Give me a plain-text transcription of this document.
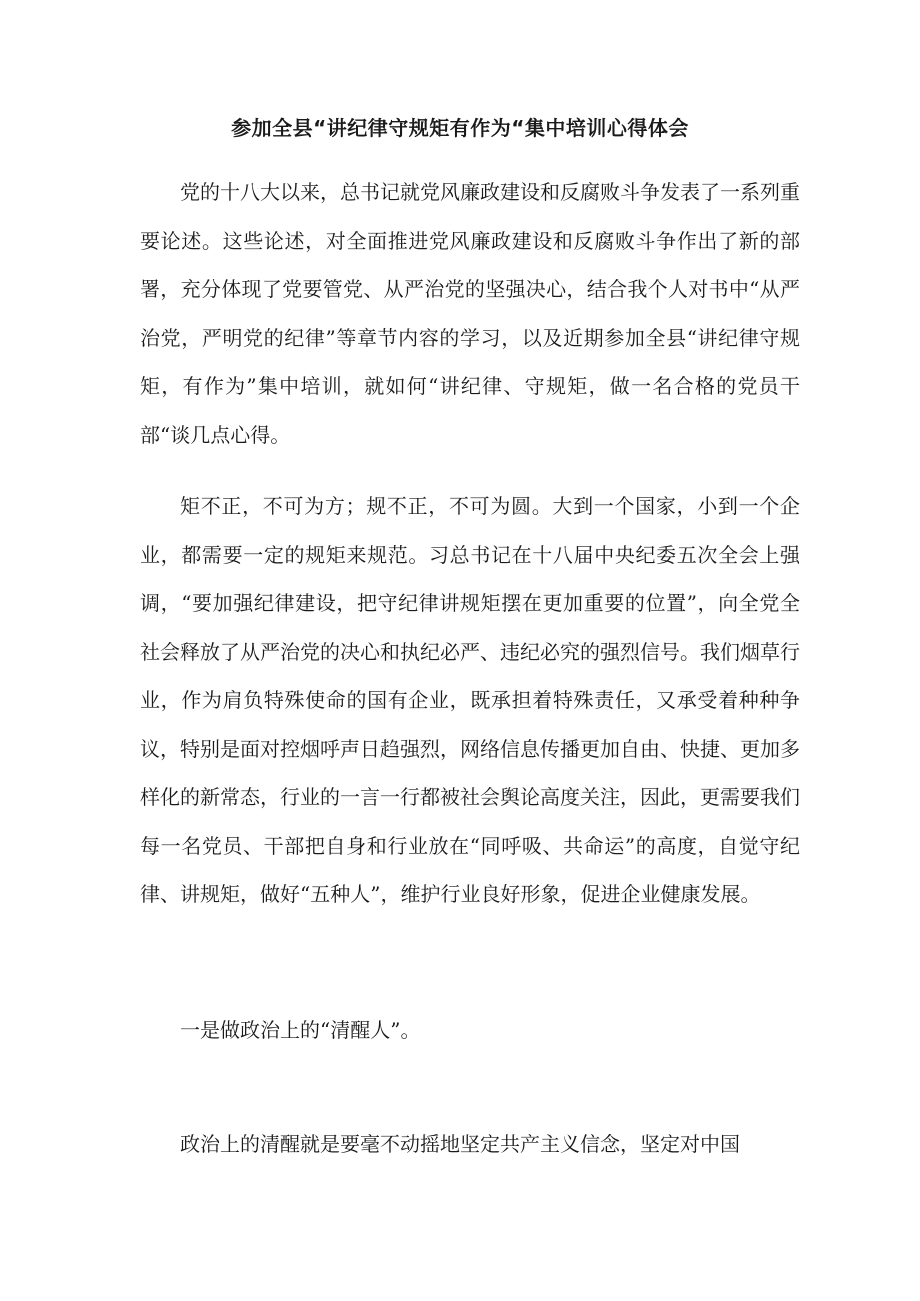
参加全县“讲纪律守规矩有作为“集中培训心得体会

党的十八大以来，总书记就党风廉政建设和反腐败斗争发表了一系列重要论述。这些论述，对全面推进党风廉政建设和反腐败斗争作出了新的部署，充分体现了党要管党、从严治党的坚强决心，结合我个人对书中“从严治党，严明党的纪律”等章节内容的学习，以及近期参加全县“讲纪律守规矩，有作为”集中培训，就如何“讲纪律、守规矩，做一名合格的党员干部“谈几点心得。

矩不正，不可为方；规不正，不可为圆。大到一个国家，小到一个企业，都需要一定的规矩来规范。习总书记在十八届中央纪委五次全会上强调，“要加强纪律建设，把守纪律讲规矩摆在更加重要的位置”，向全党全社会释放了从严治党的决心和执纪必严、违纪必究的强烈信号。我们烟草行业，作为肩负特殊使命的国有企业，既承担着特殊责任，又承受着种种争议，特别是面对控烟呼声日趋强烈，网络信息传播更加自由、快捷、更加多样化的新常态，行业的一言一行都被社会舆论高度关注，因此，更需要我们每一名党员、干部把自身和行业放在“同呼吸、共命运”的高度，自觉守纪律、讲规矩，做好“五种人”，维护行业良好形象，促进企业健康发展。

一是做政治上的“清醒人”。

政治上的清醒就是要毫不动摇地坚定共产主义信念，坚定对中国
